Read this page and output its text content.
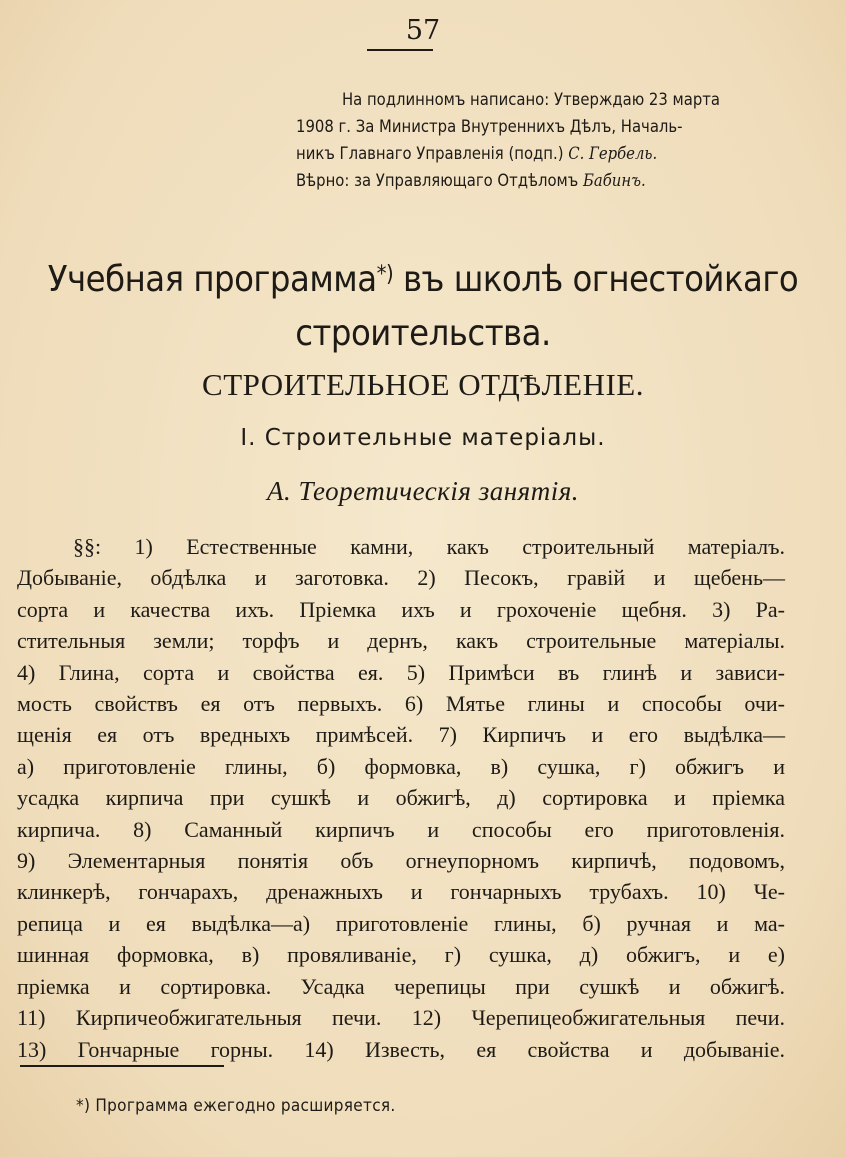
57
На подлинномъ написано: Утверждаю 23 марта
1908 г. За Министра Внутреннихъ Дѣлъ, Началь-
никъ Главнаго Управленія (подп.) С. Гербель.
Вѣрно: за Управляющаго Отдѣломъ Бабинъ.
Учебная программа*) въ школѣ огнестойкаго
строительства.
СТРОИТЕЛЬНОЕ ОТДѢЛЕНІЕ.
I. Строительные матеріалы.
А. Теоретическія занятія.
§§: 1) Естественные камни, какъ строительный матеріалъ.
Добываніе, обдѣлка и заготовка. 2) Песокъ, гравій и щебень—
сорта и качества ихъ. Пріемка ихъ и грохоченіе щебня. 3) Ра-
стительныя земли; торфъ и дернъ, какъ строительные матеріалы.
4) Глина, сорта и свойства ея. 5) Примѣси въ глинѣ и зависи-
мость свойствъ ея отъ первыхъ. 6) Мятье глины и способы очи-
щенія ея отъ вредныхъ примѣсей. 7) Кирпичъ и его выдѣлка—
а) приготовленіе глины, б) формовка, в) сушка, г) обжигъ и
усадка кирпича при сушкѣ и обжигѣ, д) сортировка и пріемка
кирпича. 8) Саманный кирпичъ и способы его приготовленія.
9) Элементарныя понятія объ огнеупорномъ кирпичѣ, подовомъ,
клинкерѣ, гончарахъ, дренажныхъ и гончарныхъ трубахъ. 10) Че-
репица и ея выдѣлка—а) приготовленіе глины, б) ручная и ма-
шинная формовка, в) провяливаніе, г) сушка, д) обжигъ, и е)
пріемка и сортировка. Усадка черепицы при сушкѣ и обжигѣ.
11) Кирпичеобжигательныя печи. 12) Черепицеобжигательныя печи.
13) Гончарные горны. 14) Известь, ея свойства и добываніе.
*) Программа ежегодно расширяется.
